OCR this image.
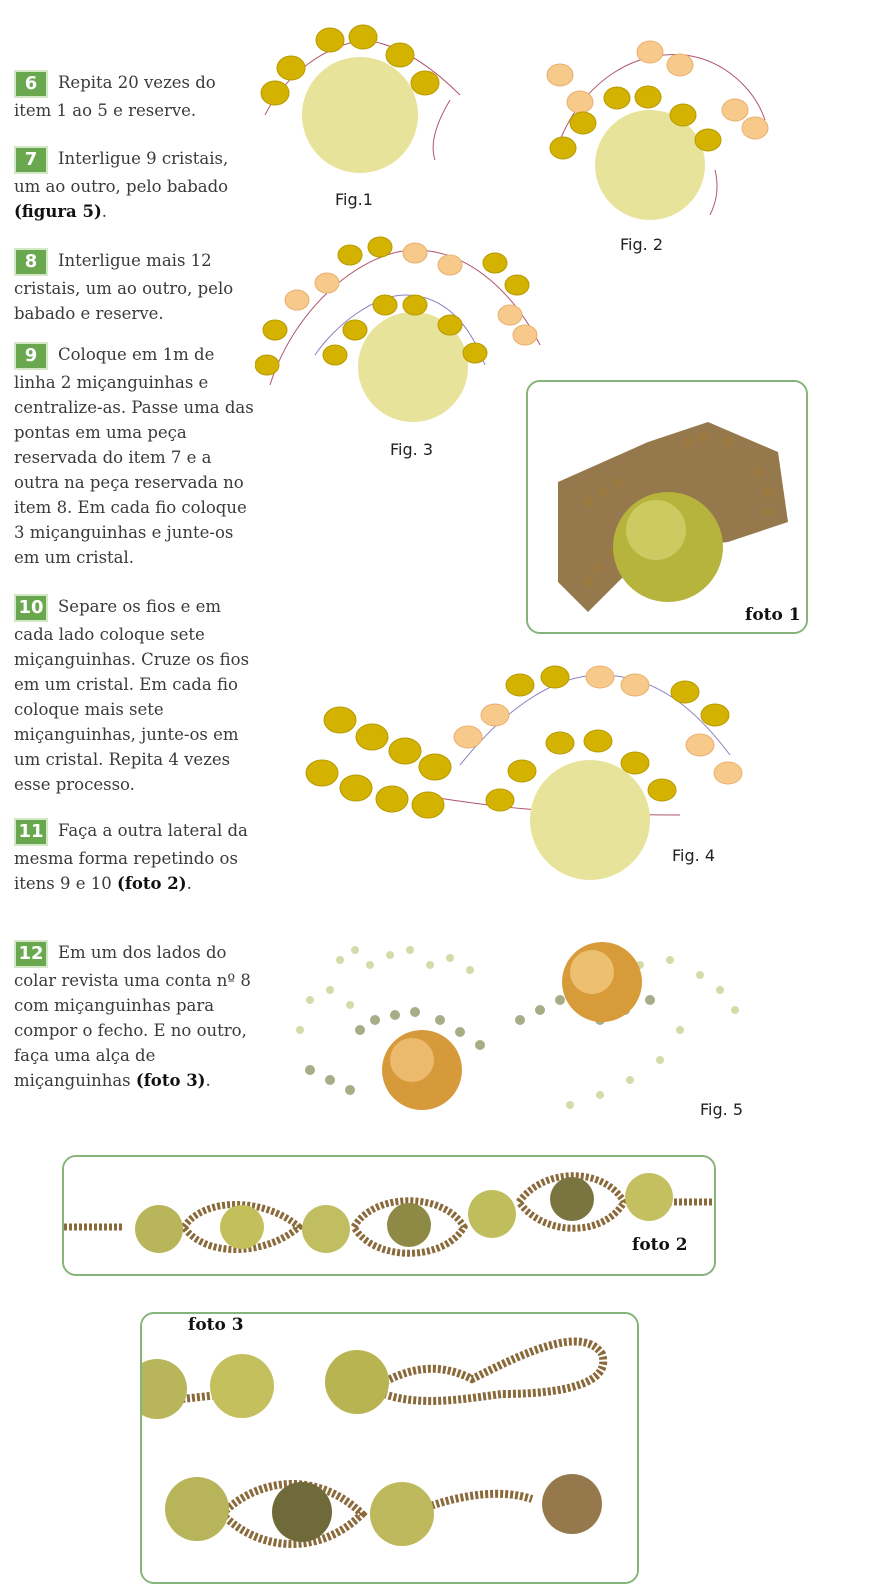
6 Repita 20 vezes do item 1 ao 5 e reserve.
7 Interligue 9 cristais, um ao outro, pelo babado (figura 5).
8 Interligue mais 12 cristais, um ao outro, pelo babado e reserve.
9 Coloque em 1m de linha 2 miçanguinhas e centralize-as. Passe uma das pontas em uma peça reservada do item 7 e a outra na peça reservada no item 8. Em cada fio coloque 3 miçanguinhas e junte-os em um cristal.
10 Separe os fios e em cada lado coloque sete miçanguinhas. Cruze os fios em um cristal. Em cada fio coloque mais sete miçanguinhas, junte-os em um cristal. Repita 4 vezes esse processo.
11 Faça a outra lateral da mesma forma repetindo os itens 9 e 10 (foto 2).
12 Em um dos lados do colar revista uma conta nº 8 com miçanguinhas para compor o fecho. E no outro, faça uma alça de miçanguinhas (foto 3).
Fig.1
Fig. 2
Fig. 3
foto 1
Fig. 4
Fig. 5
foto 2
foto 3
